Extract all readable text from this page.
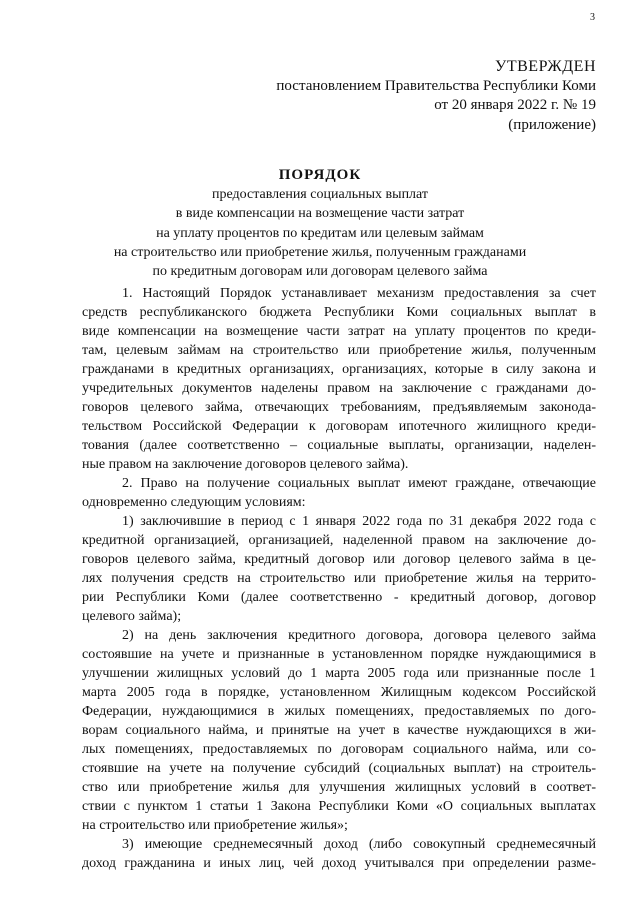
3
УТВЕРЖДЕН
постановлением Правительства Республики Коми
от 20 января 2022 г. № 19
(приложение)
ПОРЯДОК
предоставления социальных выплат
в виде компенсации на возмещение части затрат
на уплату процентов по кредитам или целевым займам
на строительство или приобретение жилья, полученным гражданами
по кредитным договорам или договорам целевого займа

1. Настоящий Порядок устанавливает механизм предоставления за счет
средств республиканского бюджета Республики Коми социальных выплат в
виде компенсации на возмещение части затрат на уплату процентов по креди-
там, целевым займам на строительство или приобретение жилья, полученным
гражданами в кредитных организациях, организациях, которые в силу закона и
учредительных документов наделены правом на заключение с гражданами до-
говоров целевого займа, отвечающих требованиям, предъявляемым законода-
тельством Российской Федерации к договорам ипотечного жилищного креди-
тования (далее соответственно – социальные выплаты, организации, наделен-
ные правом на заключение договоров целевого займа).

2. Право на получение социальных выплат имеют граждане, отвечающие
одновременно следующим условиям:

1) заключившие в период с 1 января 2022 года по 31 декабря 2022 года с
кредитной организацией, организацией, наделенной правом на заключение до-
говоров целевого займа, кредитный договор или договор целевого займа в це-
лях получения средств на строительство или приобретение жилья на террито-
рии Республики Коми (далее соответственно - кредитный договор, договор
целевого займа);

2) на день заключения кредитного договора, договора целевого займа
состоявшие на учете и признанные в установленном порядке нуждающимися в
улучшении жилищных условий до 1 марта 2005 года или признанные после 1
марта 2005 года в порядке, установленном Жилищным кодексом Российской
Федерации, нуждающимися в жилых помещениях, предоставляемых по дого-
ворам социального найма, и принятые на учет в качестве нуждающихся в жи-
лых помещениях, предоставляемых по договорам социального найма, или со-
стоявшие на учете на получение субсидий (социальных выплат) на строитель-
ство или приобретение жилья для улучшения жилищных условий в соответ-
ствии с пунктом 1 статьи 1 Закона Республики Коми «О социальных выплатах
на строительство или приобретение жилья»;

3) имеющие среднемесячный доход (либо совокупный среднемесячный
доход гражданина и иных лиц, чей доход учитывался при определении разме-
